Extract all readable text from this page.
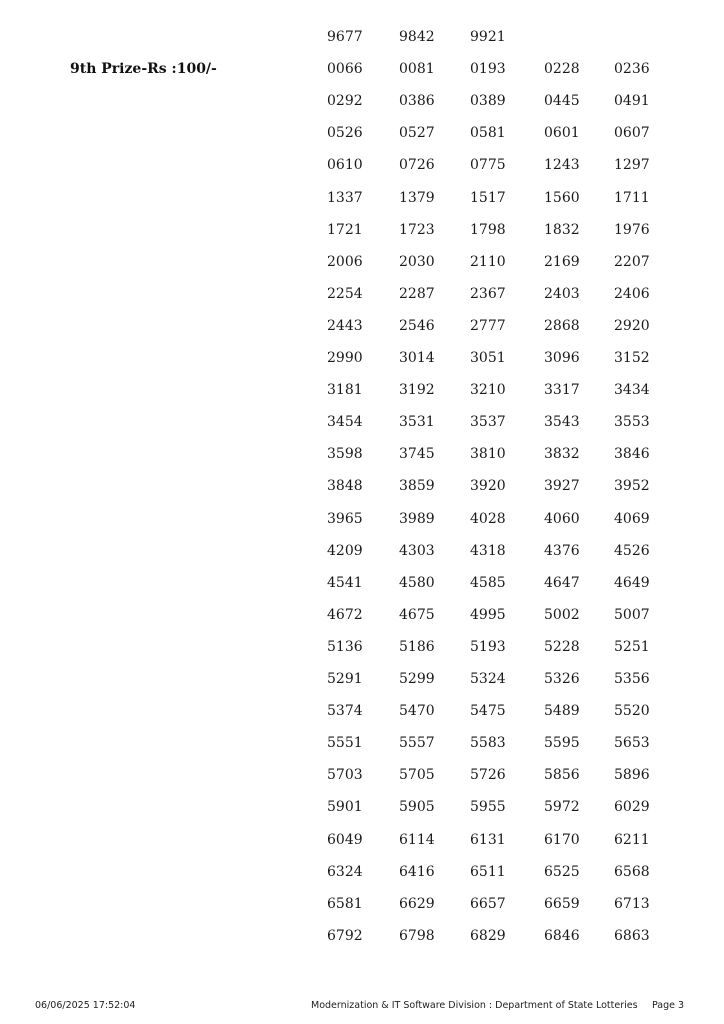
9th Prize-Rs :100/-
9677	9842	9921
0066	0081	0193	0228 0236
0292	0386	0389	0445 0491
0526	0527	0581	0601 0607
0610	0726	0775	1243 1297
1337	1379	1517	1560 1711
1721	1723	1798	1832 1976
2006	2030	2110	2169 2207
2254	2287	2367	2403 2406
2443	2546	2777	2868 2920
2990	3014	3051	3096 3152
3181	3192	3210	3317 3434
3454	3531	3537	3543 3553
3598	3745	3810	3832 3846
3848	3859	3920	3927 3952
3965	3989	4028	4060 4069
4209	4303	4318	4376 4526
4541	4580	4585	4647 4649
4672	4675	4995	5002 5007
5136	5186	5193	5228 5251
5291	5299	5324	5326 5356
5374	5470	5475	5489 5520
5551	5557	5583	5595 5653
5703	5705	5726	5856 5896
5901	5905	5955	5972 6029
6049	6114	6131	6170 6211
6324	6416	6511	6525 6568
6581	6629	6657	6659 6713
6792	6798	6829	6846 6863
06/06/2025 17:52:04	Modernization & IT Software Division : Department of State Lotteries Page 3
